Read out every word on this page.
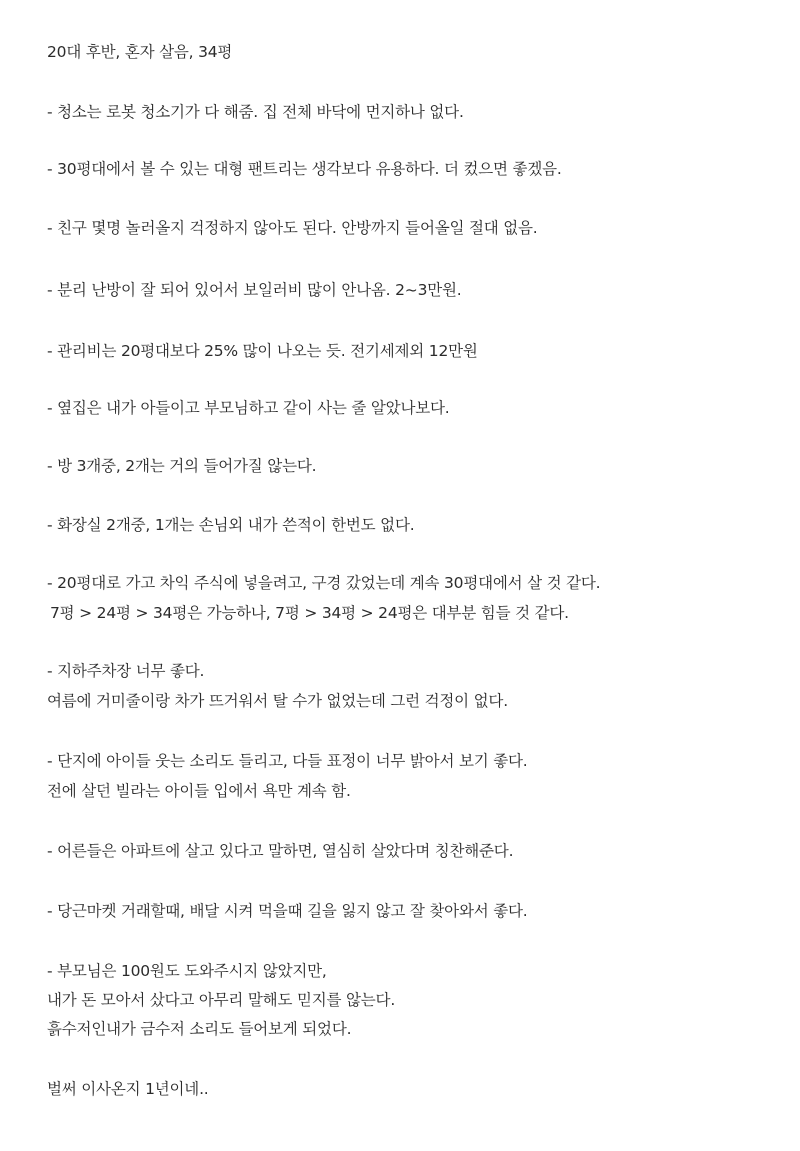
20대 후반, 혼자 살음, 34평
- 청소는 로봇 청소기가 다 해줌. 집 전체 바닥에 먼지하나 없다.
- 30평대에서 볼 수 있는 대형 팬트리는 생각보다 유용하다. 더 컸으면 좋겠음.
- 친구 몇명 놀러올지 걱정하지 않아도 된다. 안방까지 들어올일 절대 없음.
- 분리 난방이 잘 되어 있어서 보일러비 많이 안나옴. 2~3만원.
- 관리비는 20평대보다 25% 많이 나오는 듯. 전기세제외 12만원
- 옆집은 내가 아들이고 부모님하고 같이 사는 줄 알았나보다.
- 방 3개중, 2개는 거의 들어가질 않는다.
- 화장실 2개중, 1개는 손님외 내가 쓴적이 한번도 없다.
- 20평대로 가고 차익 주식에 넣을려고, 구경 갔었는데 계속 30평대에서 살 것 같다.
7평 > 24평 > 34평은 가능하나, 7평 > 34평 > 24평은 대부분 힘들 것 같다.
- 지하주차장 너무 좋다.
여름에 거미줄이랑 차가 뜨거워서 탈 수가 없었는데 그런 걱정이 없다.
- 단지에 아이들 웃는 소리도 들리고, 다들 표정이 너무 밝아서 보기 좋다.
전에 살던 빌라는 아이들 입에서 욕만 계속 함.
- 어른들은 아파트에 살고 있다고 말하면, 열심히 살았다며 칭찬해준다.
- 당근마켓 거래할때, 배달 시켜 먹을때 길을 잃지 않고 잘 찾아와서 좋다.
- 부모님은 100원도 도와주시지 않았지만,
내가 돈 모아서 샀다고 아무리 말해도 믿지를 않는다.
흙수저인내가 금수저 소리도 들어보게 되었다.
벌써 이사온지 1년이네..
